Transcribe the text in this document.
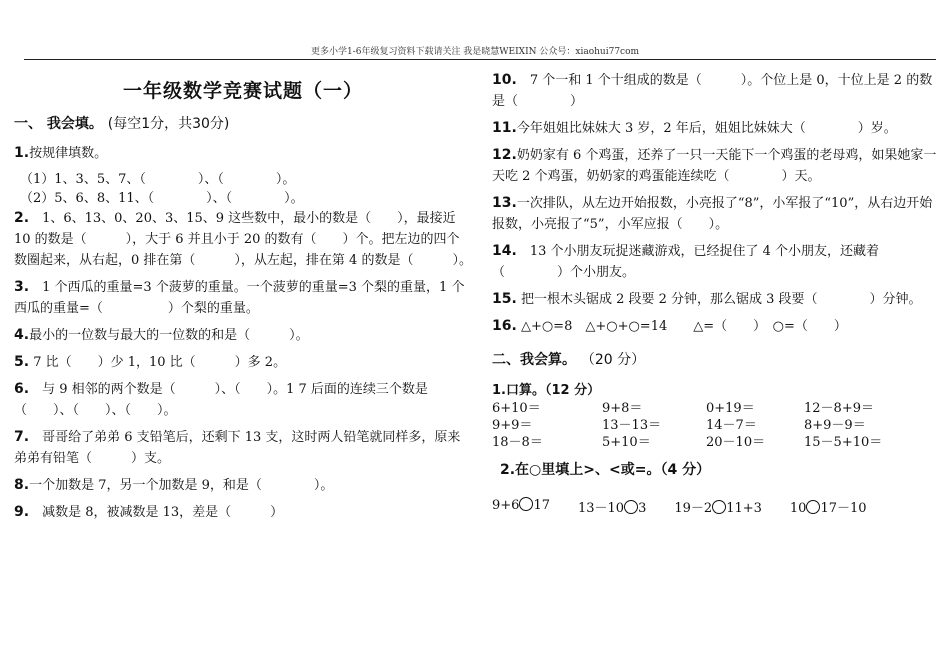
更多小学1-6年级复习资料下载请关注 我是晓慧WEIXIN 公众号：xiaohui77com
一年级数学竞赛试题（一）
一、 我会填。 (每空1分，共30分)

1.按规律填数。

（1）1、3、5、7、（　　　　）、（　　　　）。

（2）5、6、8、11、（　　　　）、（　　　　）。

2.　1、6、13、0、20、3、15、9 这些数中，最小的数是（　　），最接近 10 的数是（　　　），大于 6 并且小于 20 的数有（　　）个。把左边的四个数圈起来，从右起，0 排在第（　　　），从左起，排在第 4 的数是（　　　）。

3.　1 个西瓜的重量=3 个菠萝的重量。一个菠萝的重量=3 个梨的重量，1 个西瓜的重量=（　　　　　）个梨的重量。

4.最小的一位数与最大的一位数的和是（　　　）。

5. 7 比（　　）少 1，10 比（　　　）多 2。

6.　与 9 相邻的两个数是（　　　）、（　　）。1 7 后面的连续三个数是（　　）、（　　）、（　　）。

7.　哥哥给了弟弟 6 支铅笔后，还剩下 13 支，这时两人铅笔就同样多，原来弟弟有铅笔（　　　）支。

8.一个加数是 7，另一个加数是 9，和是（　　　　）。

9.　减数是 8，被减数是 13，差是（　　　）

10.　7 个一和 1 个十组成的数是（　　　）。个位上是 0，十位上是 2 的数是（　　　　）

11.今年姐姐比妹妹大 3 岁，2 年后，姐姐比妹妹大（　　　　）岁。

12.奶奶家有 6 个鸡蛋，还养了一只一天能下一个鸡蛋的老母鸡，如果她家一天吃 2 个鸡蛋，奶奶家的鸡蛋能连续吃（　　　　）天。

13.一次排队，从左边开始报数，小亮报了“8”，小军报了“10”，从右边开始报数，小亮报了“5”，小军应报（　　）。

14.　13 个小朋友玩捉迷藏游戏，已经捉住了 4 个小朋友，还藏着（　　　　）个小朋友。

15. 把一根木头锯成 2 段要 2 分钟，那么锯成 3 段要（　　　　）分钟。

16. △+○=8　△+○+○=14　　△=（　　）　○=（　　）

二、我会算。 （20 分）
1.口算。（12 分）
6+10＝	9+8＝	0+19＝	12－8+9＝
9+9＝	13－13＝	14－7＝	8+9－9＝
18－8＝	5+10＝	20－10＝	15－5+10＝
2.在○里填上>、<或=。（4 分）
9+6 17 13－10 3 19－2 11+3 10 17－10
